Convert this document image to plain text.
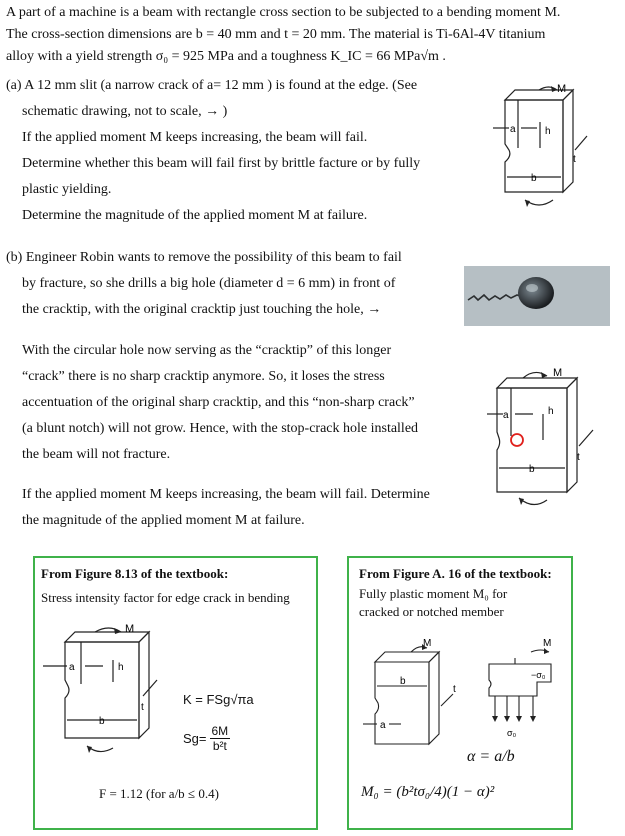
A part of a machine is a beam with rectangle cross section to be subjected to a bending moment M.
The cross-section dimensions are b = 40 mm and t = 20 mm. The material is Ti-6Al-4V titanium
alloy with a yield strength σ₀ = 925 MPa and a toughness K_IC = 66 MPa√m .
(a) A 12 mm slit (a narrow crack of a= 12 mm ) is found at the edge. (See
schematic drawing, not to scale, → )
If the applied moment M keeps increasing, the beam will fail.
Determine whether this beam will fail first by brittle facture or by fully
plastic yielding.
Determine the magnitude of the applied moment M at failure.
(b) Engineer Robin wants to remove the possibility of this beam to fail
by fracture, so she drills a big hole (diameter d = 6 mm) in front of
the cracktip, with the original cracktip just touching the hole, →
With the circular hole now serving as the “cracktip” of this longer
“crack” there is no sharp cracktip anymore. So, it loses the stress
accentuation of the original sharp cracktip, and this “non-sharp crack”
(a blunt notch) will not grow. Hence, with the stop-crack hole installed
the beam will not fracture.
If the applied moment M keeps increasing, the beam will fail. Determine
the magnitude of the applied moment M at failure.
M
a	h
t
b
M
a	h
t
b
From Figure 8.13 of the textbook:
Stress intensity factor for edge crack in bending
M
a	h
t
b
K = FSg√πa
$Sg= \frac{6M}{\text{b²t}}$
F = 1.12 (for a/b ≤ 0.4)
From Figure A. 16 of the textbook:
Fully plastic moment M₀ for
cracked or notched member
M	M
b
a
t
−σ₀
σ₀
α = a/b
M₀ = (b²tσ₀/4)(1 − α)²
